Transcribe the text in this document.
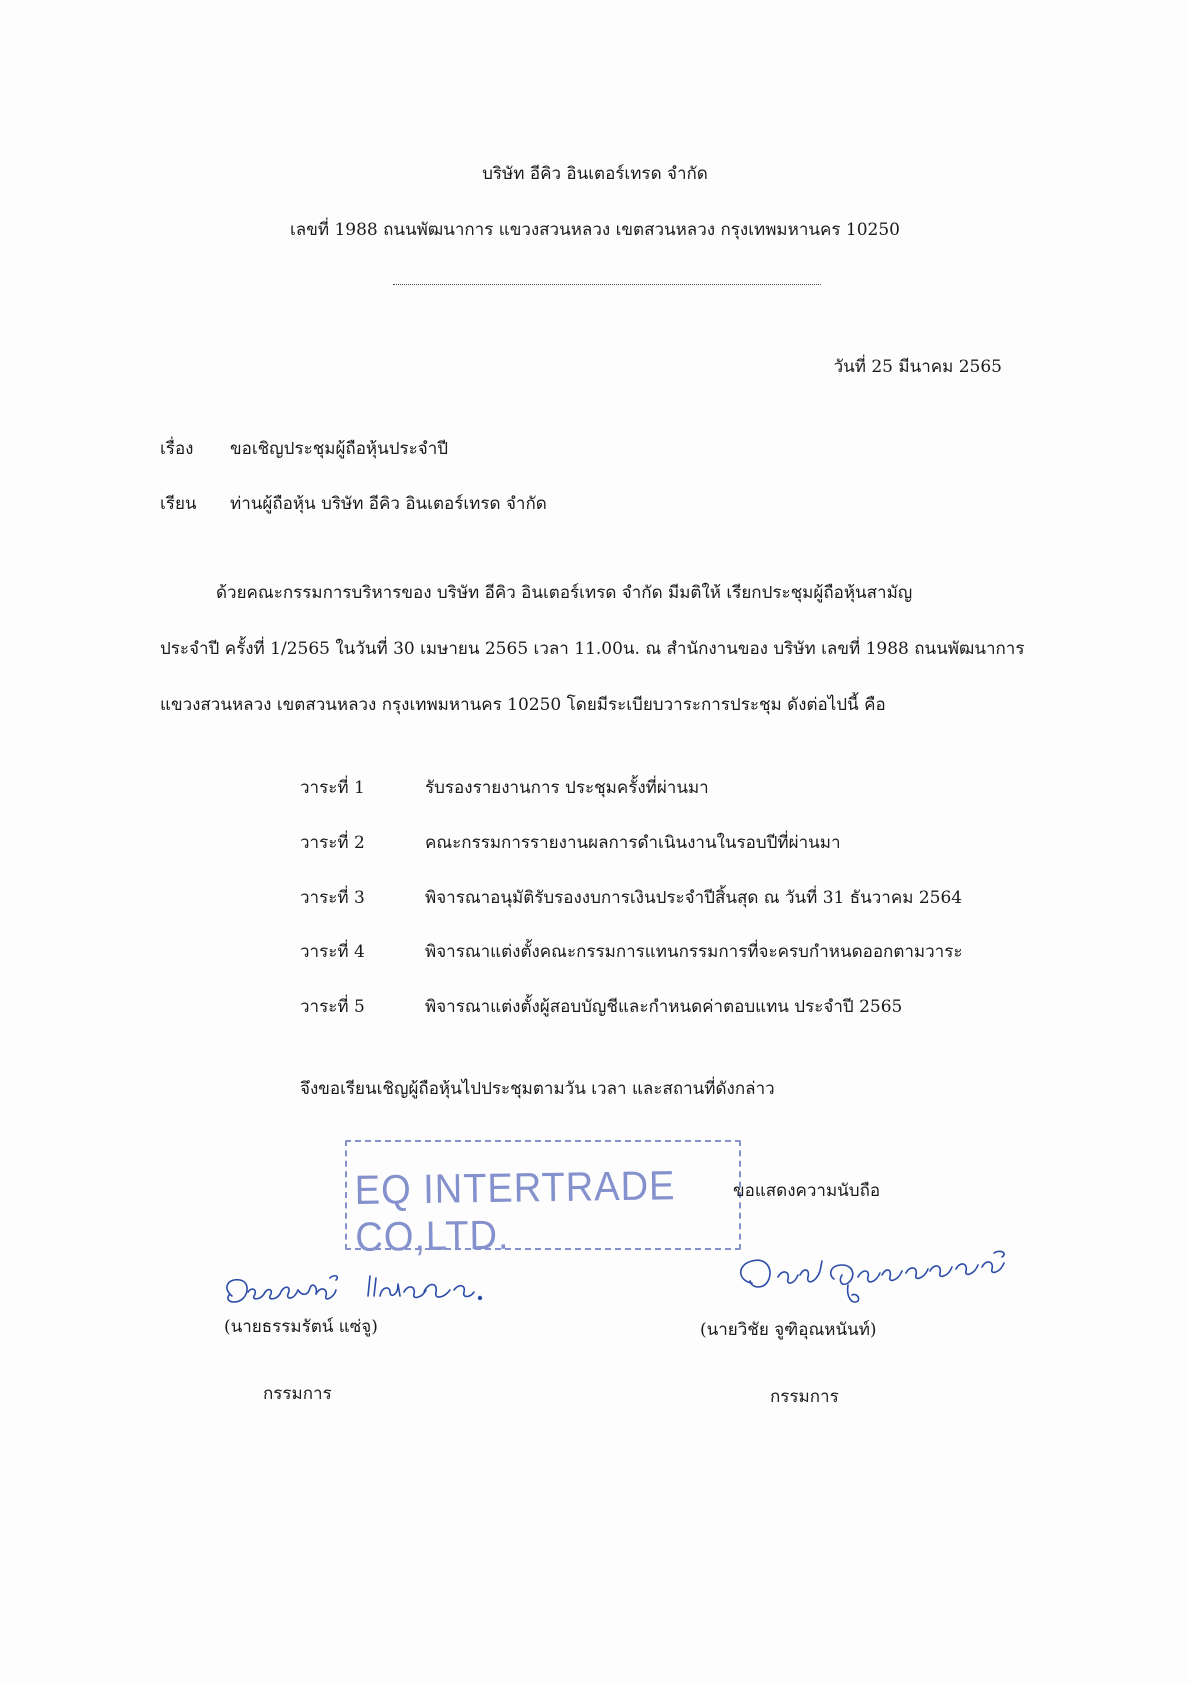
บริษัท อีคิว อินเตอร์เทรด จำกัด
เลขที่ 1988 ถนนพัฒนาการ แขวงสวนหลวง เขตสวนหลวง กรุงเทพมหานคร 10250
วันที่ 25 มีนาคม 2565
เรื่อง ขอเชิญประชุมผู้ถือหุ้นประจำปี
เรียน ท่านผู้ถือหุ้น บริษัท อีคิว อินเตอร์เทรด จำกัด
ด้วยคณะกรรมการบริหารของ บริษัท อีคิว อินเตอร์เทรด จำกัด มีมติให้ เรียกประชุมผู้ถือหุ้นสามัญ
ประจำปี ครั้งที่ 1/2565 ในวันที่ 30 เมษายน 2565 เวลา 11.00น. ณ สำนักงานของ บริษัท เลขที่ 1988 ถนนพัฒนาการ
แขวงสวนหลวง เขตสวนหลวง กรุงเทพมหานคร 10250 โดยมีระเบียบวาระการประชุม ดังต่อไปนี้ คือ
วาระที่ 1	รับรองรายงานการ ประชุมครั้งที่ผ่านมา
วาระที่ 2	คณะกรรมการรายงานผลการดำเนินงานในรอบปีที่ผ่านมา
วาระที่ 3	พิจารณาอนุมัติรับรองงบการเงินประจำปีสิ้นสุด ณ วันที่ 31 ธันวาคม 2564
วาระที่ 4	พิจารณาแต่งตั้งคณะกรรมการแทนกรรมการที่จะครบกำหนดออกตามวาระ
วาระที่ 5	พิจารณาแต่งตั้งผู้สอบบัญชีและกำหนดค่าตอบแทน ประจำปี 2565
จึงขอเรียนเชิญผู้ถือหุ้นไปประชุมตามวัน เวลา และสถานที่ดังกล่าว
EQ INTERTRADE CO,LTD.
ขอแสดงความนับถือ
(นายธรรมรัตน์ แซ่จู)
กรรมการ
(นายวิชัย จูฑิอุณหนันท์)
กรรมการ
